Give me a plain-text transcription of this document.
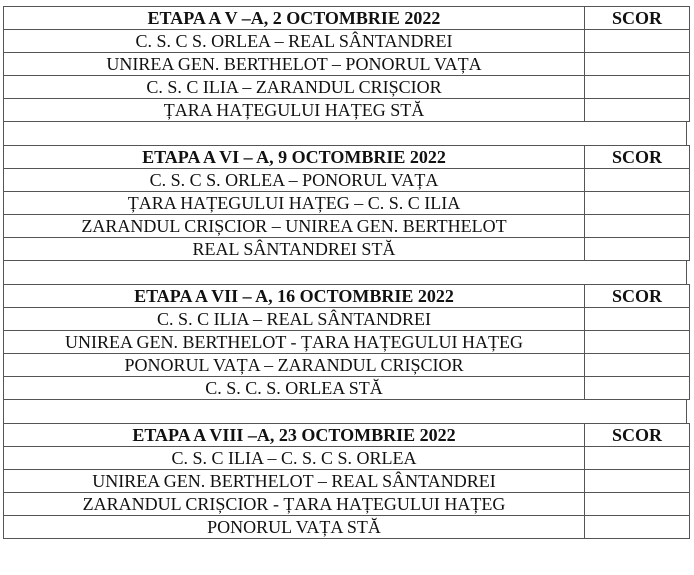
ETAPA A V –A, 2 OCTOMBRIE 2022	SCOR
C. S. C S. ORLEA – REAL SÂNTANDREI	
UNIREA GEN. BERTHELOT – PONORUL VAȚA	
C. S. C ILIA – ZARANDUL CRIȘCIOR	
ȚARA HAȚEGULUI HAȚEG STĂ	
ETAPA A VI – A, 9 OCTOMBRIE 2022	SCOR
C. S. C S. ORLEA – PONORUL VAȚA	
ȚARA HAȚEGULUI HAȚEG – C. S. C ILIA	
ZARANDUL CRIȘCIOR – UNIREA GEN. BERTHELOT	
REAL SÂNTANDREI STĂ	
ETAPA A VII – A, 16 OCTOMBRIE 2022	SCOR
C. S. C ILIA – REAL SÂNTANDREI	
UNIREA GEN. BERTHELOT - ȚARA HAȚEGULUI HAȚEG	
PONORUL VAȚA – ZARANDUL CRIȘCIOR	
C. S. C. S. ORLEA STĂ	
ETAPA A VIII –A, 23 OCTOMBRIE 2022	SCOR
C. S. C ILIA – C. S. C S. ORLEA	
UNIREA GEN. BERTHELOT – REAL SÂNTANDREI	
ZARANDUL CRIȘCIOR - ȚARA HAȚEGULUI HAȚEG	
PONORUL VAȚA STĂ	
